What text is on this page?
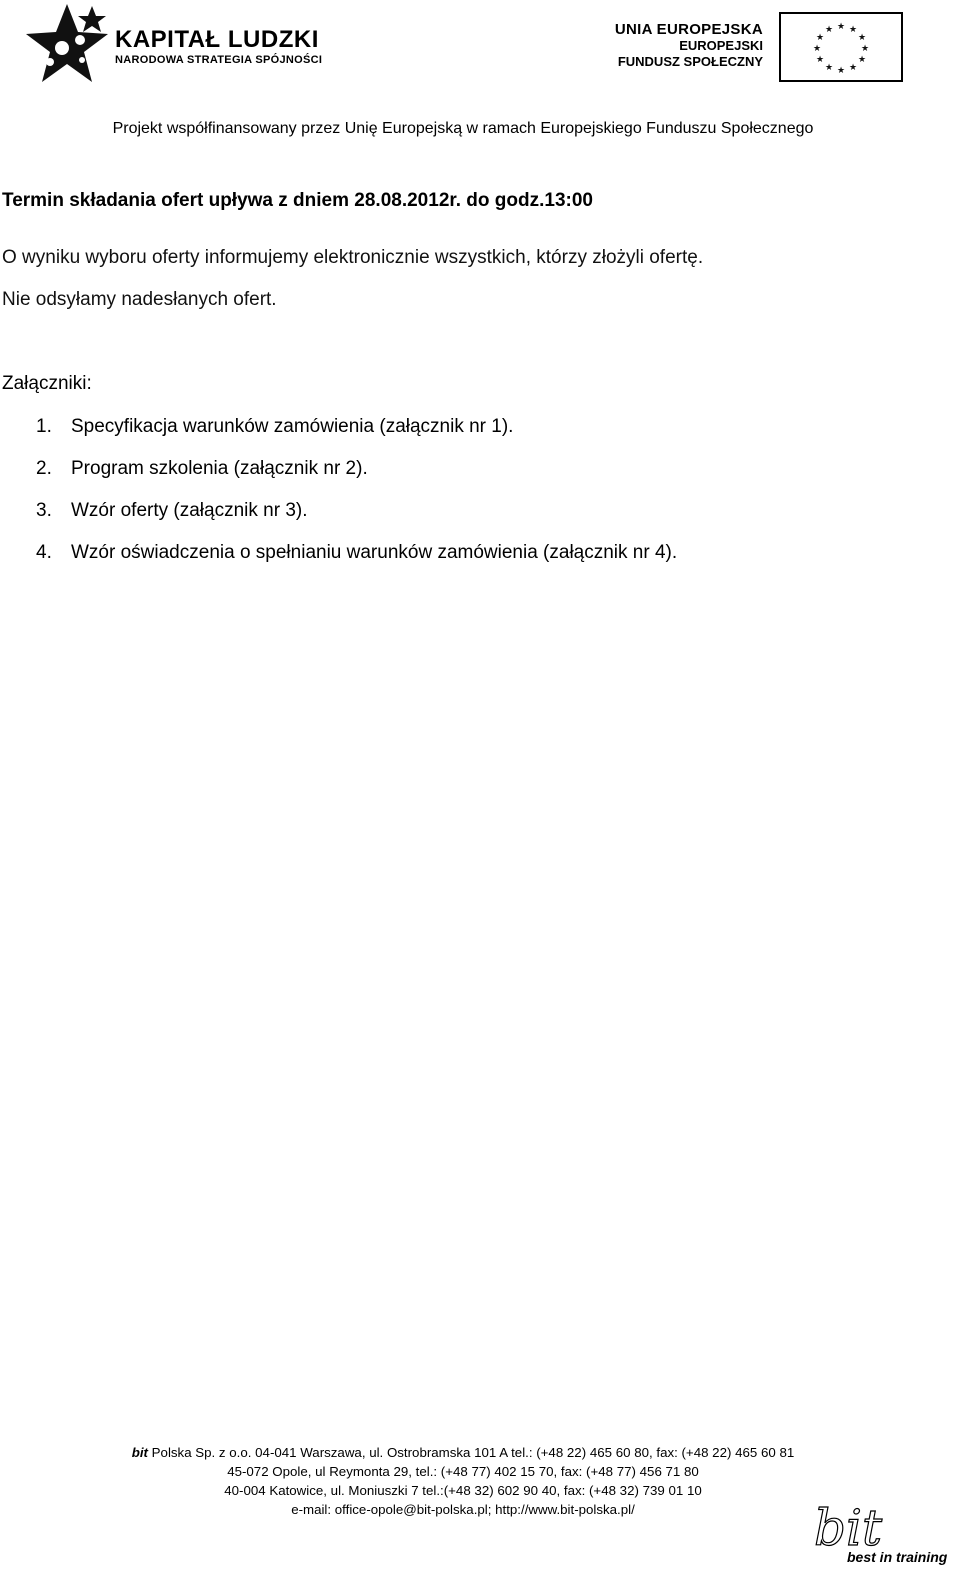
KAPITAŁ LUDZKI
NARODOWA STRATEGIA SPÓJNOŚCI
UNIA EUROPEJSKA
EUROPEJSKI
FUNDUSZ SPOŁECZNY
★ ★
★
★
★
★
★
★
★
★
★
★
Projekt współfinansowany przez Unię Europejską w ramach Europejskiego Funduszu Społecznego
Termin składania ofert upływa z dniem 28.08.2012r. do godz.13:00
O wyniku wyboru oferty informujemy elektronicznie wszystkich, którzy złożyli ofertę.
Nie odsyłamy nadesłanych ofert.
Załączniki:
1. Specyfikacja warunków zamówienia (załącznik nr 1).
2. Program szkolenia (załącznik nr 2).
3. Wzór oferty (załącznik nr 3).
4. Wzór oświadczenia o spełnianiu warunków zamówienia (załącznik nr 4).
bit Polska Sp. z o.o. 04-041 Warszawa, ul. Ostrobramska 101 A tel.: (+48 22) 465 60 80, fax: (+48 22) 465 60 81
45-072 Opole, ul Reymonta 29, tel.: (+48 77) 402 15 70, fax: (+48 77) 456 71 80
40-004 Katowice, ul. Moniuszki 7 tel.:(+48 32) 602 90 40, fax: (+48 32) 739 01 10
e-mail: office-opole@bit-polska.pl; http://www.bit-polska.pl/	bit
best in training
